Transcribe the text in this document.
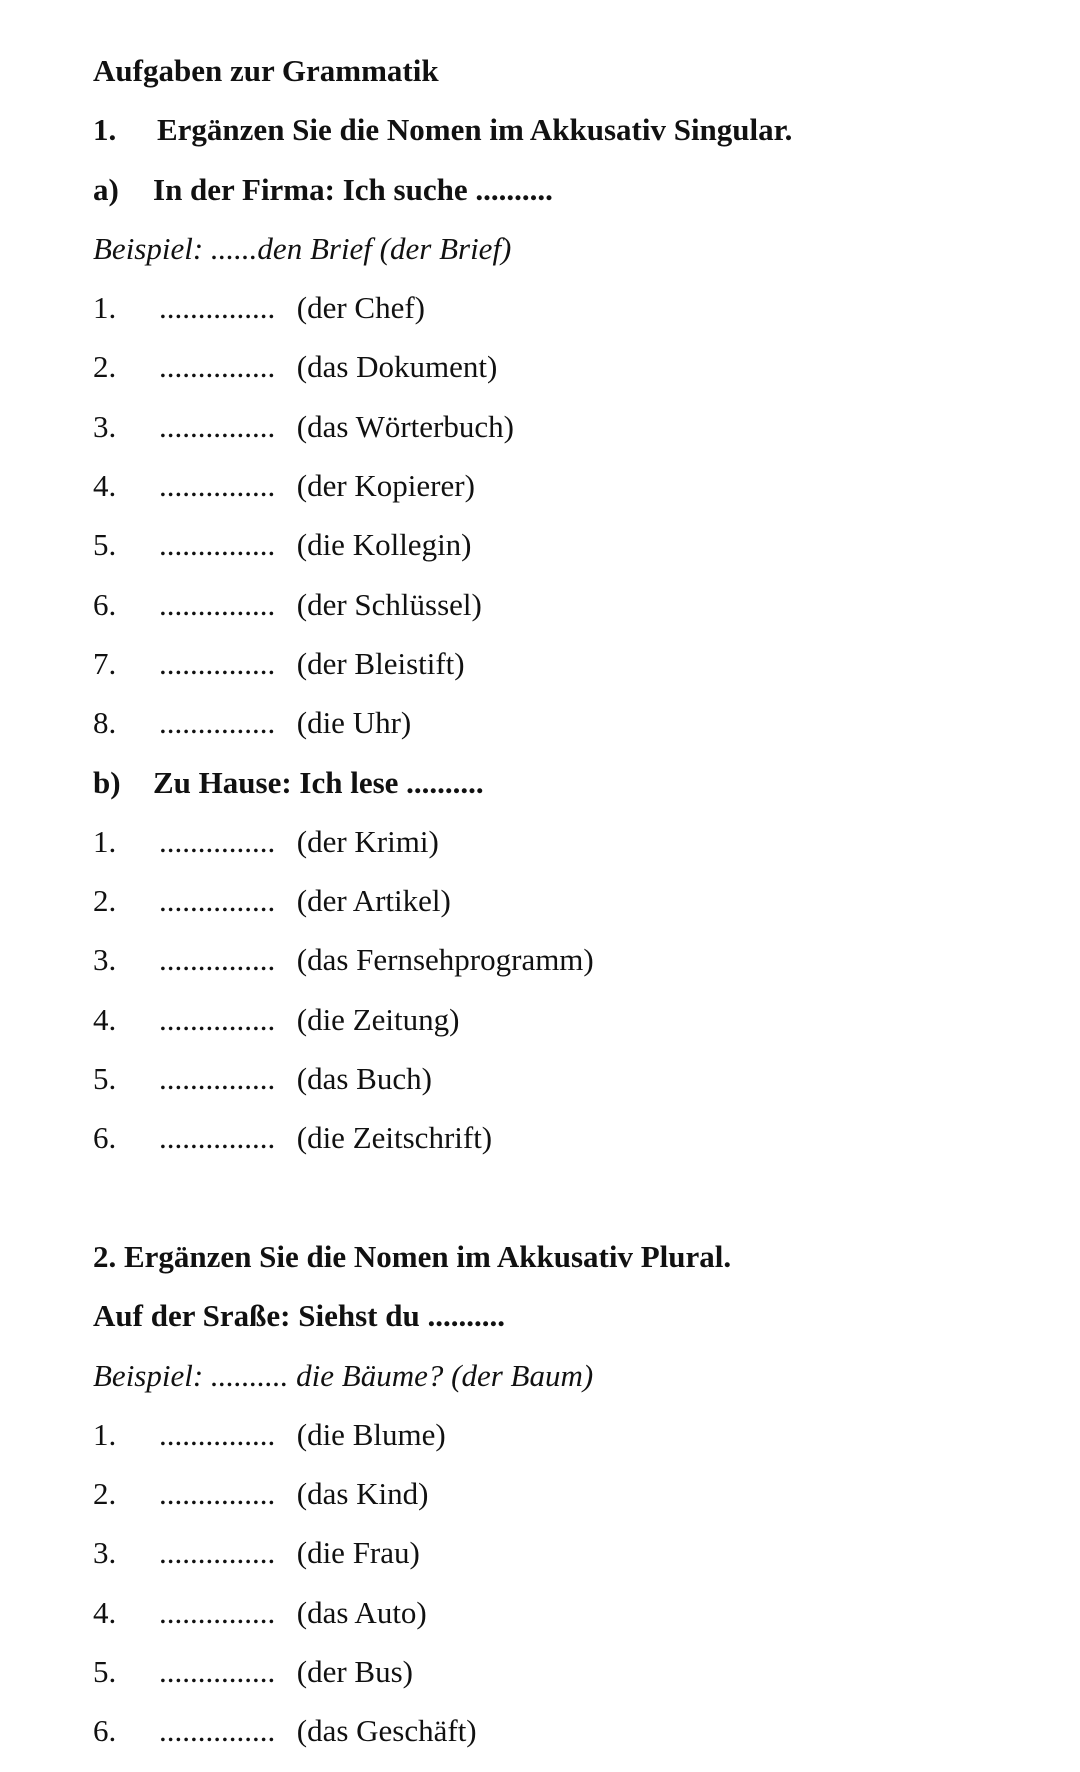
Aufgaben zur Grammatik
1. Ergänzen Sie die Nomen im Akkusativ Singular.
a) In der Firma: Ich suche ..........
Beispiel: ......den Brief (der Brief)
1. ............... (der Chef)
2. ............... (das Dokument)
3. ............... (das Wörterbuch)
4. ............... (der Kopierer)
5. ............... (die Kollegin)
6. ............... (der Schlüssel)
7. ............... (der Bleistift)
8. ............... (die Uhr)
b) Zu Hause: Ich lese ..........
1. ............... (der Krimi)
2. ............... (der Artikel)
3. ............... (das Fernsehprogramm)
4. ............... (die Zeitung)
5. ............... (das Buch)
6. ............... (die Zeitschrift)
2. Ergänzen Sie die Nomen im Akkusativ Plural.
Auf der Sraße: Siehst du ..........
Beispiel: .......... die Bäume? (der Baum)
1. ............... (die Blume)
2. ............... (das Kind)
3. ............... (die Frau)
4. ............... (das Auto)
5. ............... (der Bus)
6. ............... (das Geschäft)
